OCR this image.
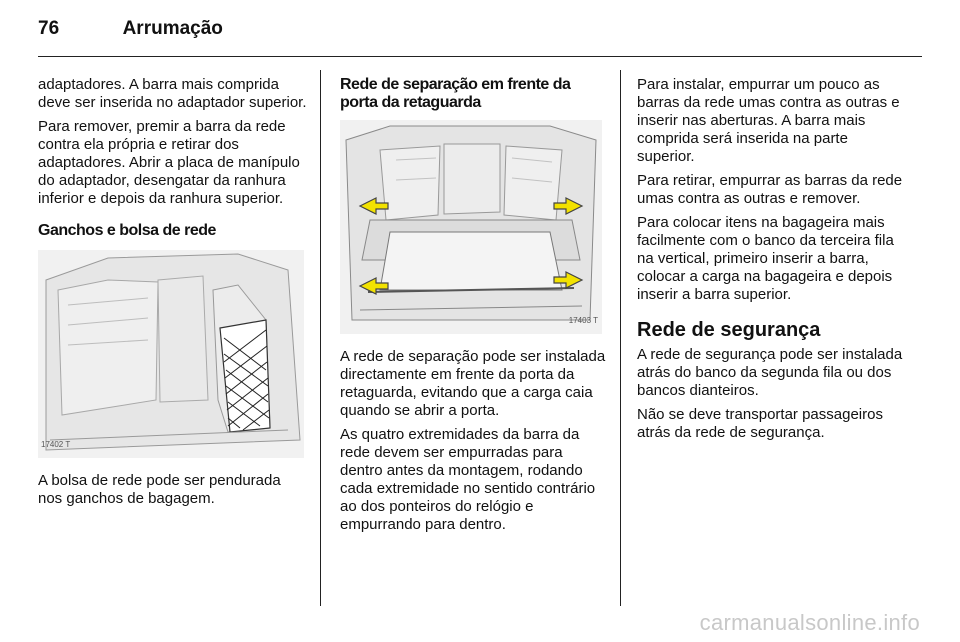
76	Arrumação

adaptadores. A barra mais comprida deve ser inserida no adaptador superior.

Para remover, premir a barra da rede contra ela própria e retirar dos adaptadores. Abrir a placa de manípulo do adaptador, desengatar da ranhura inferior e depois da ranhura superior.

Ganchos e bolsa de rede
17402 T

A bolsa de rede pode ser pendurada nos ganchos de bagagem.

Rede de separação em frente da porta da retaguarda
17403 T

A rede de separação pode ser instalada directamente em frente da porta da retaguarda, evitando que a carga caia quando se abrir a porta.

As quatro extremidades da barra da rede devem ser empurradas para dentro antes da montagem, rodando cada extremidade no sentido contrário ao dos ponteiros do relógio e empurrando para dentro.

Para instalar, empurrar um pouco as barras da rede umas contra as outras e inserir nas aberturas. A barra mais comprida será inserida na parte superior.

Para retirar, empurrar as barras da rede umas contra as outras e remover.

Para colocar itens na bagageira mais facilmente com o banco da terceira fila na vertical, primeiro inserir a barra, colocar a carga na bagageira e depois inserir a barra superior.

Rede de segurança

A rede de segurança pode ser instalada atrás do banco da segunda fila ou dos bancos dianteiros.

Não se deve transportar passageiros atrás da rede de segurança.

carmanualsonline.info
